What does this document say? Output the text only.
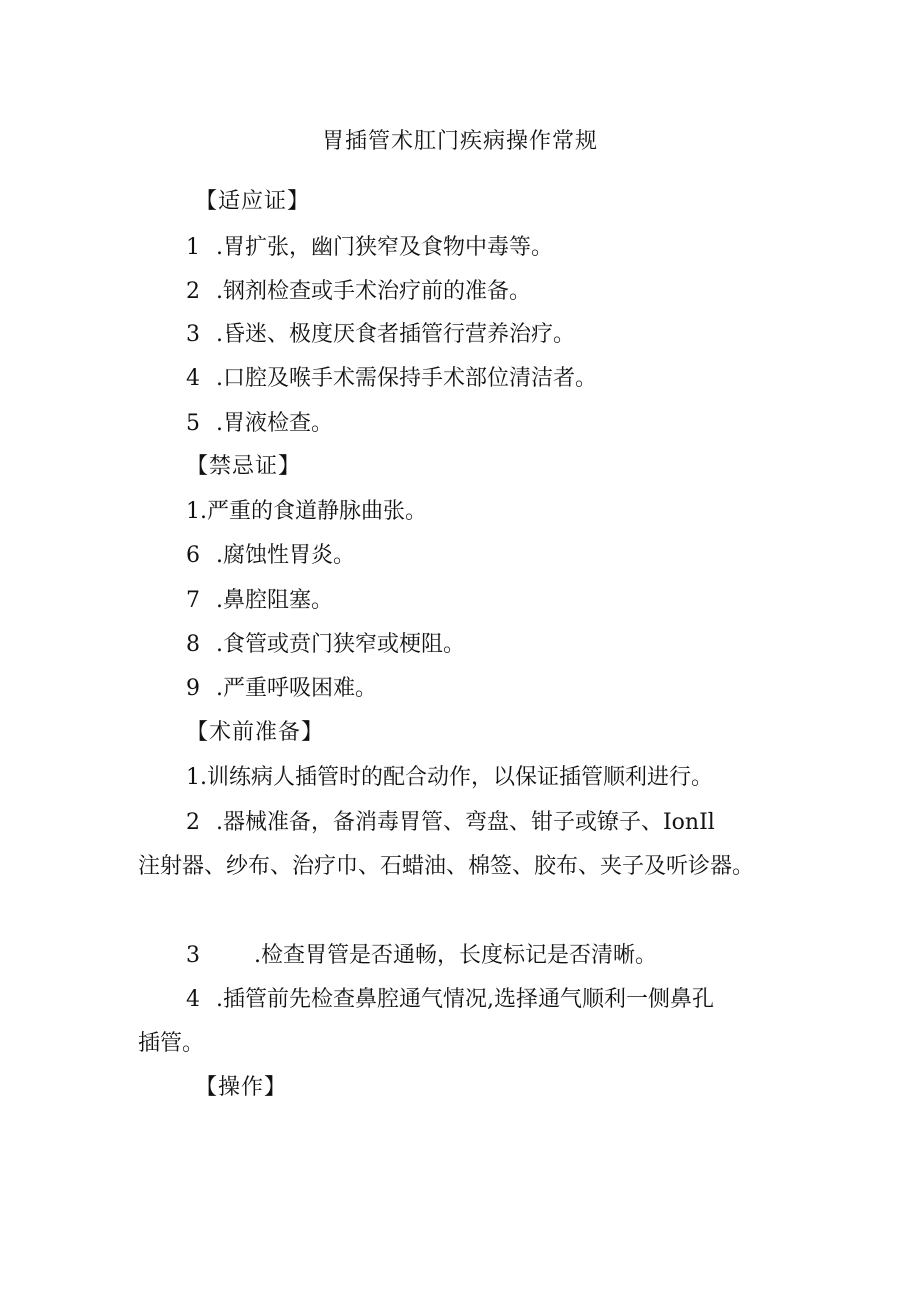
胃插管术肛门疾病操作常规
【适应证】
1 .胃扩张，幽门狭窄及食物中毒等。
2 .钢剂检查或手术治疗前的准备。
3 .昏迷、极度厌食者插管行营养治疗。
4 .口腔及喉手术需保持手术部位清洁者。
5 .胃液检查。
【禁忌证】
1.严重的食道静脉曲张。
6 .腐蚀性胃炎。
7 .鼻腔阻塞。
8 .食管或贲门狭窄或梗阻。
9 .严重呼吸困难。
【术前准备】
1.训练病人插管时的配合动作，以保证插管顺利进行。
2 .器械准备，备消毒胃管、弯盘、钳子或镣子、IonIl
注射器、纱布、治疗巾、石蜡油、棉签、胶布、夹子及听诊器。
3 .检查胃管是否通畅，长度标记是否清晰。
4 .插管前先检查鼻腔通气情况,选择通气顺利一侧鼻孔
插管。
【操作】
